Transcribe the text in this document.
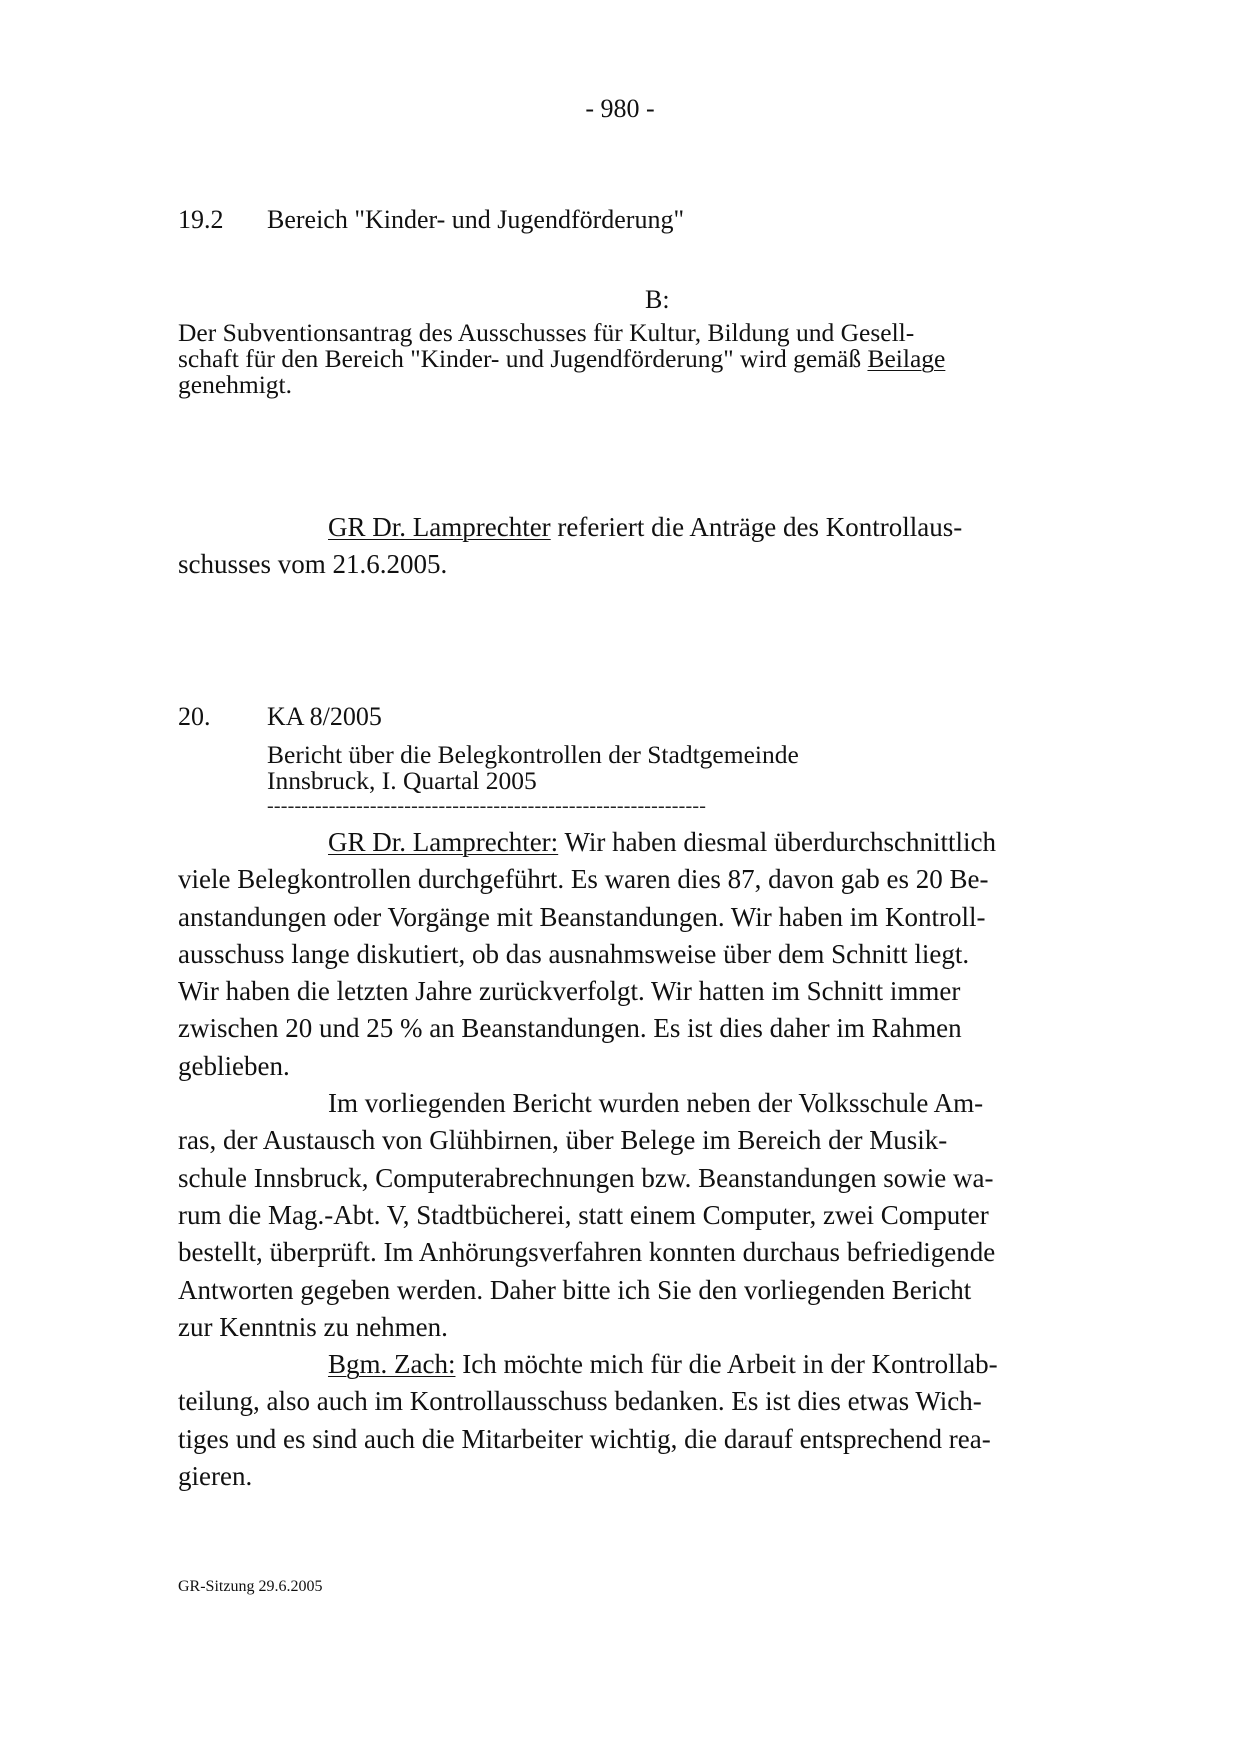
- 980 -
19.2 Bereich "Kinder- und Jugendförderung"
B:
Der Subventionsantrag des Ausschusses für Kultur, Bildung und Gesell-
schaft für den Bereich "Kinder- und Jugendförderung" wird gemäß Beilage
genehmigt.
GR Dr. Lamprechter referiert die Anträge des Kontrollaus-
schusses vom 21.6.2005.
20. KA 8/2005
Bericht über die Belegkontrollen der Stadtgemeinde
Innsbruck, I. Quartal 2005
----------------------------------------------------------------
GR Dr. Lamprechter: Wir haben diesmal überdurchschnittlich
viele Belegkontrollen durchgeführt. Es waren dies 87, davon gab es 20 Be-
anstandungen oder Vorgänge mit Beanstandungen. Wir haben im Kontroll-
ausschuss lange diskutiert, ob das ausnahmsweise über dem Schnitt liegt.
Wir haben die letzten Jahre zurückverfolgt. Wir hatten im Schnitt immer
zwischen 20 und 25 % an Beanstandungen. Es ist dies daher im Rahmen
geblieben.
Im vorliegenden Bericht wurden neben der Volksschule Am-
ras, der Austausch von Glühbirnen, über Belege im Bereich der Musik-
schule Innsbruck, Computerabrechnungen bzw. Beanstandungen sowie wa-
rum die Mag.-Abt. V, Stadtbücherei, statt einem Computer, zwei Computer
bestellt, überprüft. Im Anhörungsverfahren konnten durchaus befriedigende
Antworten gegeben werden. Daher bitte ich Sie den vorliegenden Bericht
zur Kenntnis zu nehmen.
Bgm. Zach: Ich möchte mich für die Arbeit in der Kontrollab-
teilung, also auch im Kontrollausschuss bedanken. Es ist dies etwas Wich-
tiges und es sind auch die Mitarbeiter wichtig, die darauf entsprechend rea-
gieren.
GR-Sitzung 29.6.2005
